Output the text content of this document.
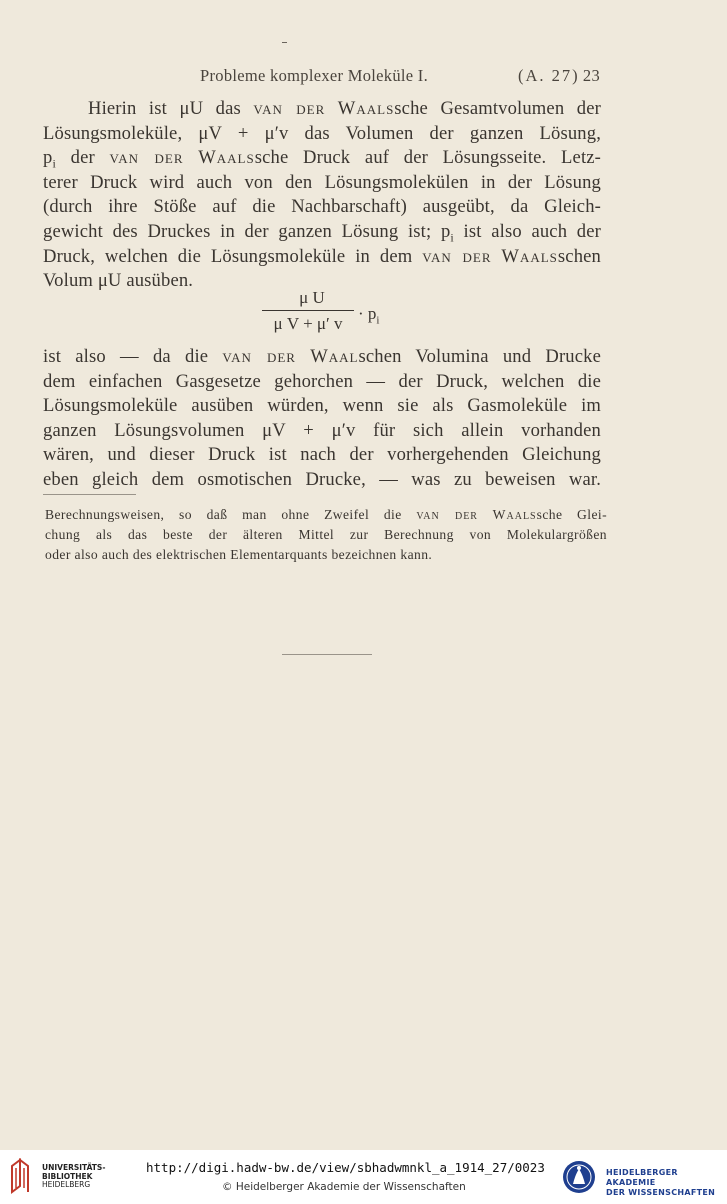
Probleme komplexer Moleküle I.	(A. 27) 23
Hierin ist μU das van der Waalssche Gesamtvolumen der
Lösungsmoleküle, μV + μ′v das Volumen der ganzen Lösung,
$p_i$ der van der Waalssche Druck auf der Lösungsseite. Letz-
terer Druck wird auch von den Lösungsmolekülen in der Lösung
(durch ihre Stöße auf die Nachbarschaft) ausgeübt, da Gleich-
gewicht des Druckes in der ganzen Lösung ist; $p_i$ ist also auch der
Druck, welchen die Lösungsmoleküle in dem van der Waalsschen
Volum μU ausüben.
μ U
μ V + μ′ v
· $p_i$
ist also — da die van der Waalschen Volumina und Drucke
dem einfachen Gasgesetze gehorchen — der Druck, welchen die
Lösungsmoleküle ausüben würden, wenn sie als Gasmoleküle im
ganzen Lösungsvolumen μV + μ′v für sich allein vorhanden
wären, und dieser Druck ist nach der vorhergehenden Gleichung
eben gleich dem osmotischen Drucke, — was zu beweisen war.
Berechnungsweisen, so daß man ohne Zweifel die van der Waalssche Glei-
chung als das beste der älteren Mittel zur Berechnung von Molekulargrößen
oder also auch des elektrischen Elementarquants bezeichnen kann.
UNIVERSITÄTS-
BIBLIOTHEK
HEIDELBERG
http://digi.hadw-bw.de/view/sbhadwmnkl_a_1914_27/0023
© Heidelberger Akademie der Wissenschaften
HEIDELBERGER AKADEMIE
DER WISSENSCHAFTEN
